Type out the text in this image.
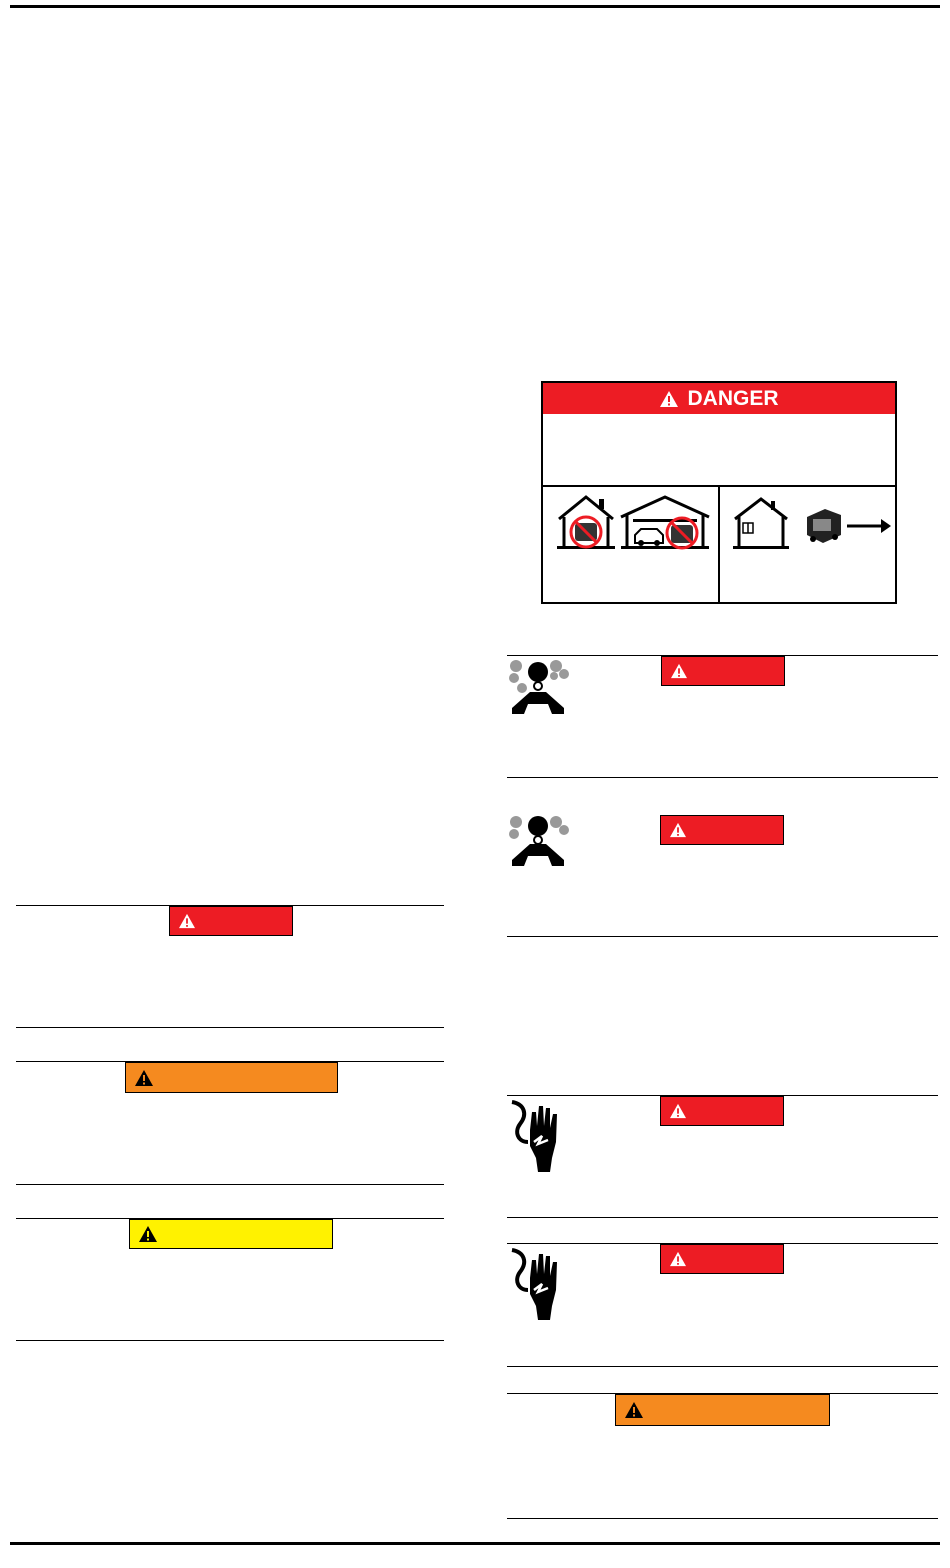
DANGER
